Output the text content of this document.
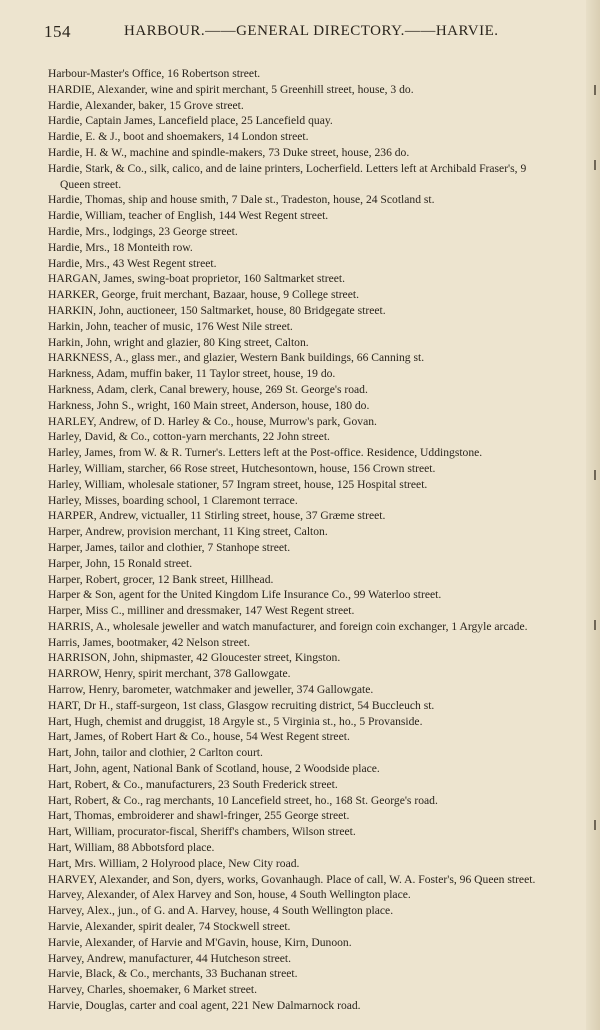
154	HARBOUR.——GENERAL DIRECTORY.——HARVIE.
Harbour-Master's Office, 16 Robertson street.
HARDIE, Alexander, wine and spirit merchant, 5 Greenhill street, house, 3 do.
Hardie, Alexander, baker, 15 Grove street.
Hardie, Captain James, Lancefield place, 25 Lancefield quay.
Hardie, E. & J., boot and shoemakers, 14 London street.
Hardie, H. & W., machine and spindle-makers, 73 Duke street, house, 236 do.
Hardie, Stark, & Co., silk, calico, and de laine printers, Locherfield. Letters left at Archibald Fraser's, 9 Queen street.
Hardie, Thomas, ship and house smith, 7 Dale st., Tradeston, house, 24 Scotland st.
Hardie, William, teacher of English, 144 West Regent street.
Hardie, Mrs., lodgings, 23 George street.
Hardie, Mrs., 18 Monteith row.
Hardie, Mrs., 43 West Regent street.
HARGAN, James, swing-boat proprietor, 160 Saltmarket street.
HARKER, George, fruit merchant, Bazaar, house, 9 College street.
HARKIN, John, auctioneer, 150 Saltmarket, house, 80 Bridgegate street.
Harkin, John, teacher of music, 176 West Nile street.
Harkin, John, wright and glazier, 80 King street, Calton.
HARKNESS, A., glass mer., and glazier, Western Bank buildings, 66 Canning st.
Harkness, Adam, muffin baker, 11 Taylor street, house, 19 do.
Harkness, Adam, clerk, Canal brewery, house, 269 St. George's road.
Harkness, John S., wright, 160 Main street, Anderson, house, 180 do.
HARLEY, Andrew, of D. Harley & Co., house, Murrow's park, Govan.
Harley, David, & Co., cotton-yarn merchants, 22 John street.
Harley, James, from W. & R. Turner's. Letters left at the Post-office. Residence, Uddingstone.
Harley, William, starcher, 66 Rose street, Hutchesontown, house, 156 Crown street.
Harley, William, wholesale stationer, 57 Ingram street, house, 125 Hospital street.
Harley, Misses, boarding school, 1 Claremont terrace.
HARPER, Andrew, victualler, 11 Stirling street, house, 37 Græme street.
Harper, Andrew, provision merchant, 11 King street, Calton.
Harper, James, tailor and clothier, 7 Stanhope street.
Harper, John, 15 Ronald street.
Harper, Robert, grocer, 12 Bank street, Hillhead.
Harper & Son, agent for the United Kingdom Life Insurance Co., 99 Waterloo street.
Harper, Miss C., milliner and dressmaker, 147 West Regent street.
HARRIS, A., wholesale jeweller and watch manufacturer, and foreign coin exchanger, 1 Argyle arcade.
Harris, James, bootmaker, 42 Nelson street.
HARRISON, John, shipmaster, 42 Gloucester street, Kingston.
HARROW, Henry, spirit merchant, 378 Gallowgate.
Harrow, Henry, barometer, watchmaker and jeweller, 374 Gallowgate.
HART, Dr H., staff-surgeon, 1st class, Glasgow recruiting district, 54 Buccleuch st.
Hart, Hugh, chemist and druggist, 18 Argyle st., 5 Virginia st., ho., 5 Provanside.
Hart, James, of Robert Hart & Co., house, 54 West Regent street.
Hart, John, tailor and clothier, 2 Carlton court.
Hart, John, agent, National Bank of Scotland, house, 2 Woodside place.
Hart, Robert, & Co., manufacturers, 23 South Frederick street.
Hart, Robert, & Co., rag merchants, 10 Lancefield street, ho., 168 St. George's road.
Hart, Thomas, embroiderer and shawl-fringer, 255 George street.
Hart, William, procurator-fiscal, Sheriff's chambers, Wilson street.
Hart, William, 88 Abbotsford place.
Hart, Mrs. William, 2 Holyrood place, New City road.
HARVEY, Alexander, and Son, dyers, works, Govanhaugh. Place of call, W. A. Foster's, 96 Queen street.
Harvey, Alexander, of Alex Harvey and Son, house, 4 South Wellington place.
Harvey, Alex., jun., of G. and A. Harvey, house, 4 South Wellington place.
Harvie, Alexander, spirit dealer, 74 Stockwell street.
Harvie, Alexander, of Harvie and M'Gavin, house, Kirn, Dunoon.
Harvey, Andrew, manufacturer, 44 Hutcheson street.
Harvie, Black, & Co., merchants, 33 Buchanan street.
Harvey, Charles, shoemaker, 6 Market street.
Harvie, Douglas, carter and coal agent, 221 New Dalmarnock road.
